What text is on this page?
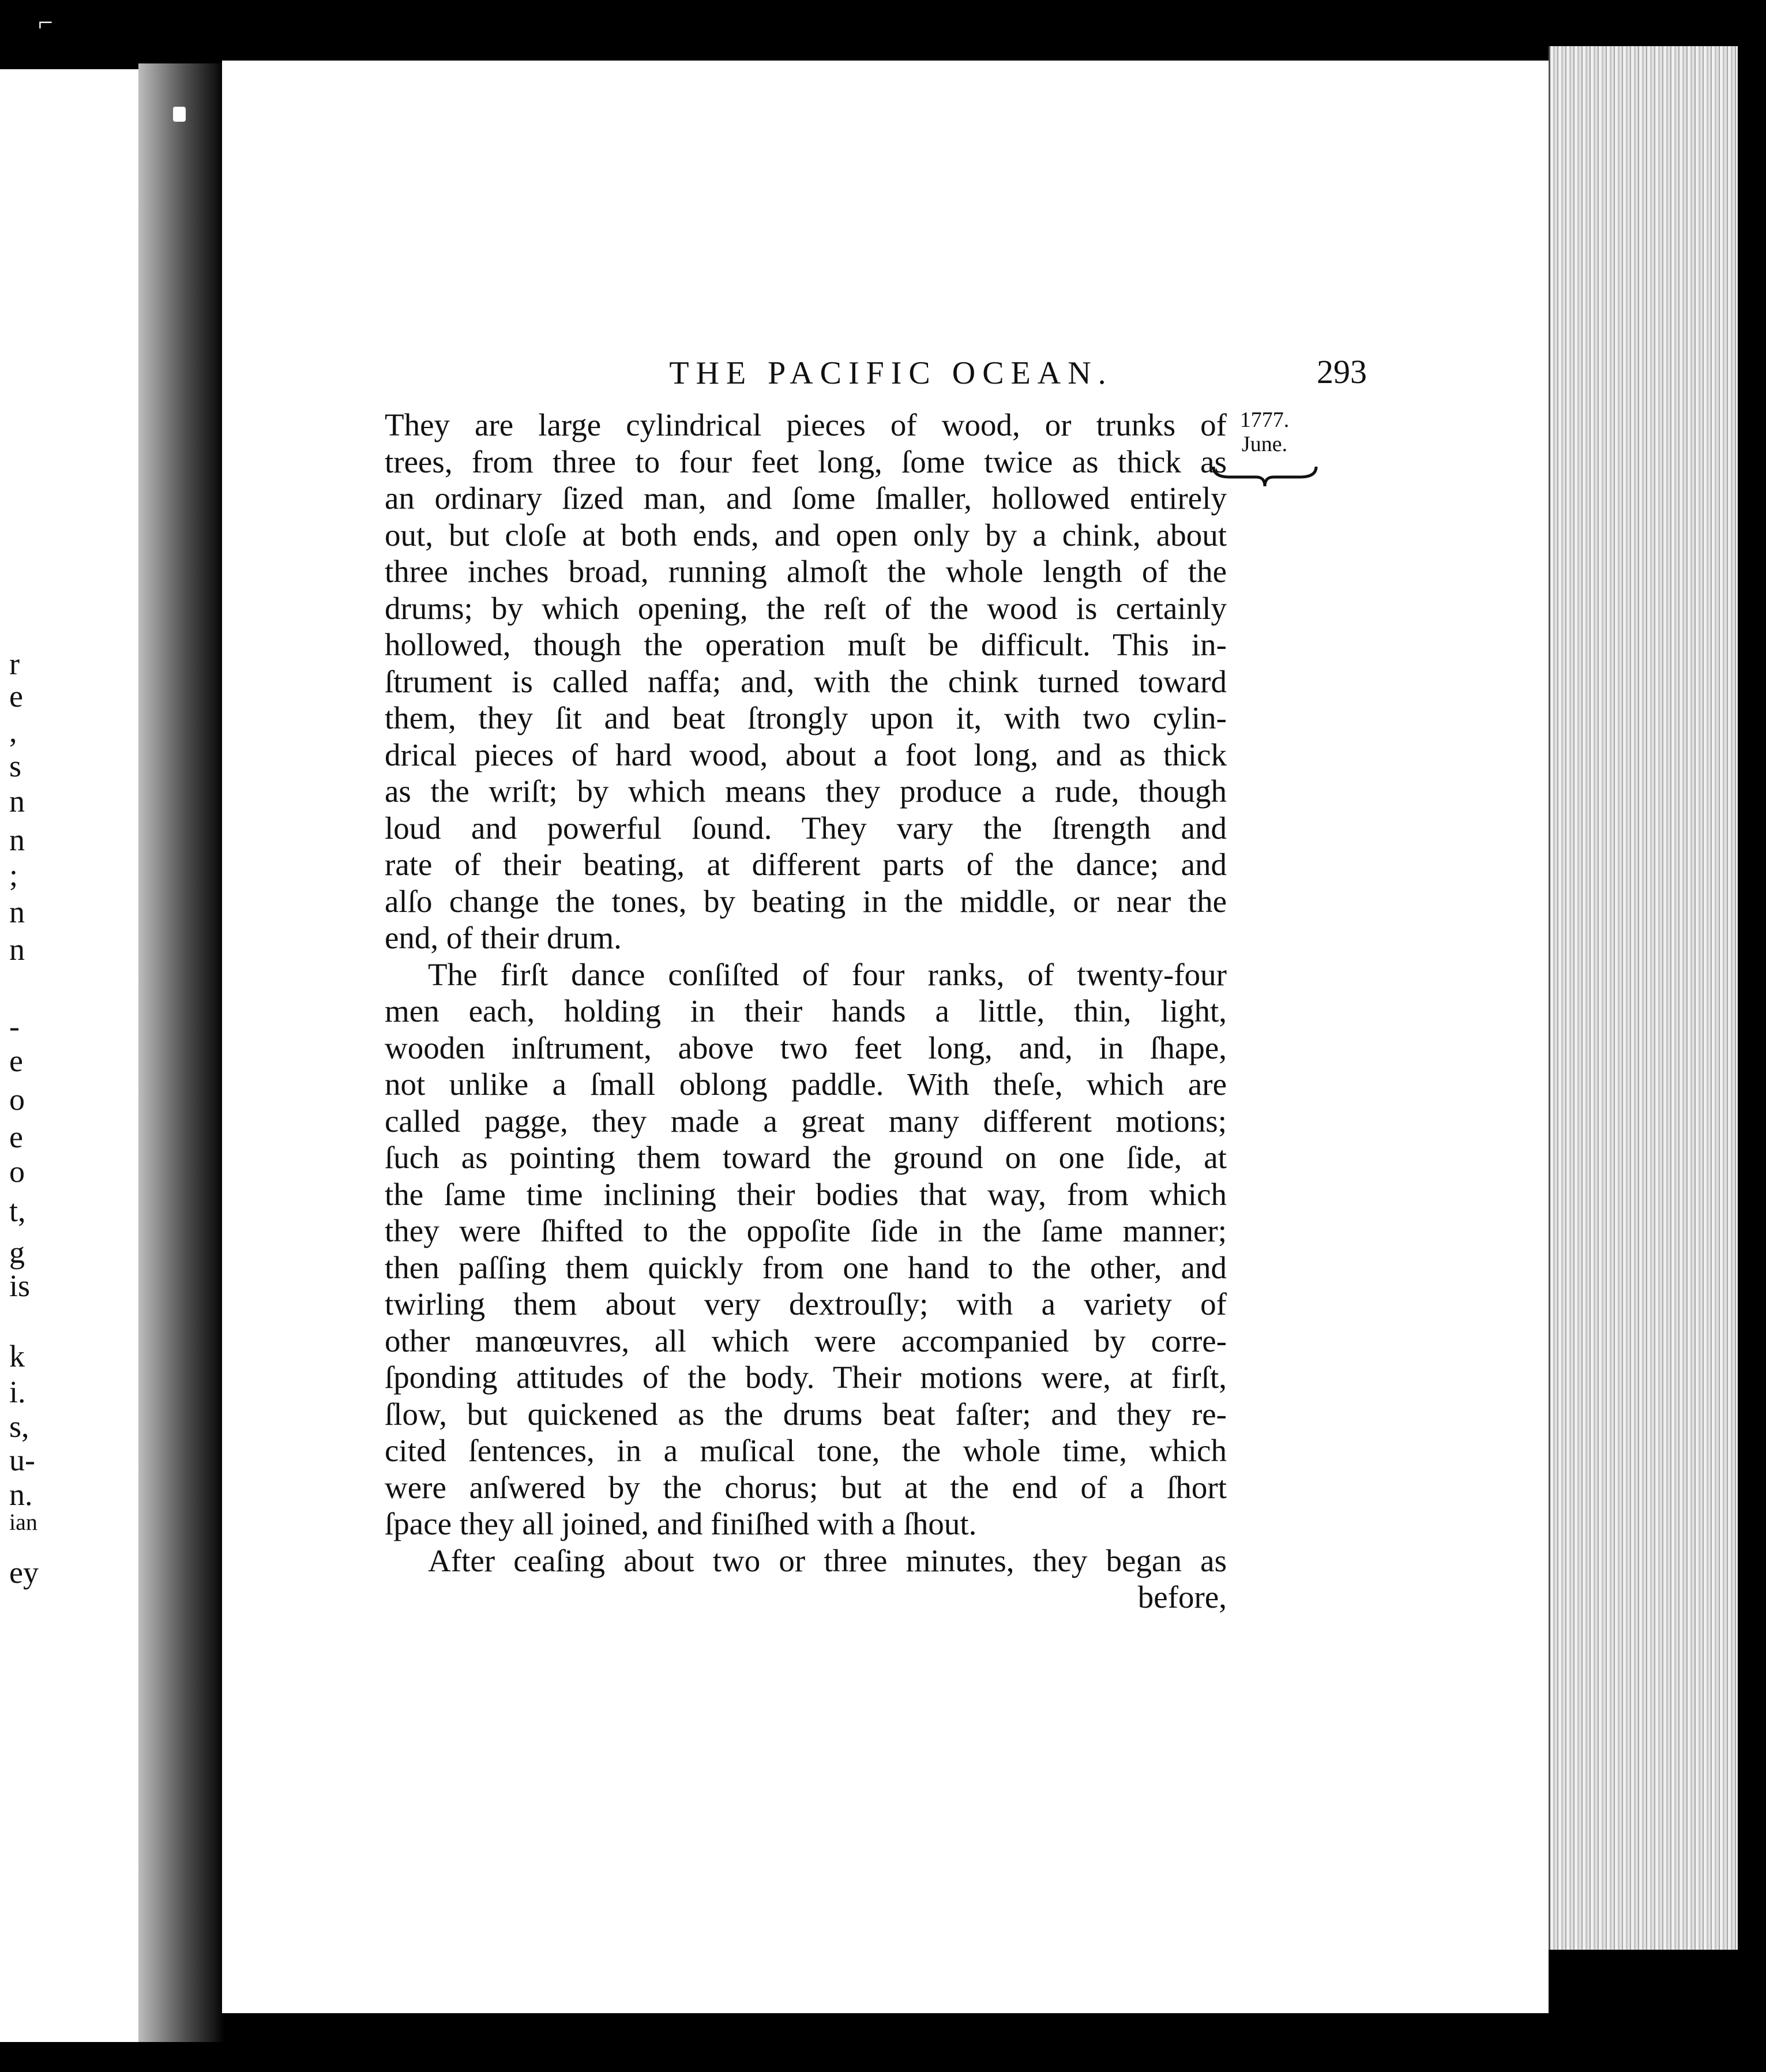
⌐
r
e
,
s
n
n
;
n
n
-
e
o
e
o
t,
g
is
k
i.
s,
u-
n.
ian
ey
THE PACIFIC OCEAN.	293
1777.
June.
They are large cylindrical pieces of wood, or trunks of
trees, from three to four feet long, ſome twice as thick as
an ordinary ſized man, and ſome ſmaller, hollowed entirely
out, but cloſe at both ends, and open only by a chink, about
three inches broad, running almoſt the whole length of the
drums; by which opening, the reſt of the wood is certainly
hollowed, though the operation muſt be difficult. This in-
ſtrument is called naffa; and, with the chink turned toward
them, they ſit and beat ſtrongly upon it, with two cylin-
drical pieces of hard wood, about a foot long, and as thick
as the wriſt; by which means they produce a rude, though
loud and powerful ſound. They vary the ſtrength and
rate of their beating, at different parts of the dance; and
alſo change the tones, by beating in the middle, or near the
end, of their drum.
The firſt dance conſiſted of four ranks, of twenty-four
men each, holding in their hands a little, thin, light,
wooden inſtrument, above two feet long, and, in ſhape,
not unlike a ſmall oblong paddle. With theſe, which are
called pagge, they made a great many different motions;
ſuch as pointing them toward the ground on one ſide, at
the ſame time inclining their bodies that way, from which
they were ſhifted to the oppoſite ſide in the ſame manner;
then paſſing them quickly from one hand to the other, and
twirling them about very dextrouſly; with a variety of
other manœuvres, all which were accompanied by corre-
ſponding attitudes of the body. Their motions were, at firſt,
ſlow, but quickened as the drums beat faſter; and they re-
cited ſentences, in a muſical tone, the whole time, which
were anſwered by the chorus; but at the end of a ſhort
ſpace they all joined, and finiſhed with a ſhout.
After ceaſing about two or three minutes, they began as
before,
